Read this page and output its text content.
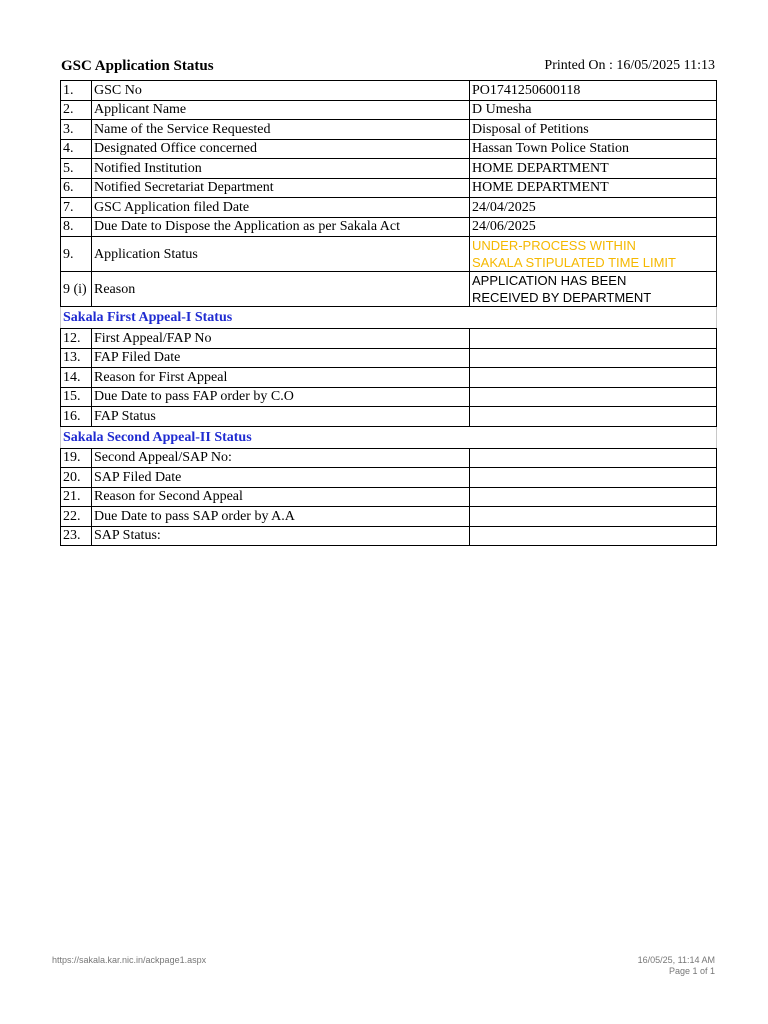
GSC Application Status	Printed On : 16/05/2025 11:13
1.	GSC No	PO1741250600118
2.	Applicant Name	D Umesha
3.	Name of the Service Requested	Disposal of Petitions
4.	Designated Office concerned	Hassan Town Police Station
5.	Notified Institution	HOME DEPARTMENT
6.	Notified Secretariat Department	HOME DEPARTMENT
7.	GSC Application filed Date	24/04/2025
8.	Due Date to Dispose the Application as per Sakala Act	24/06/2025
9.	Application Status	UNDER-PROCESS WITHIN
SAKALA STIPULATED TIME LIMIT

9 (i)	Reason	APPLICATION HAS BEEN
RECEIVED BY DEPARTMENT

Sakala First Appeal-I Status		
12.	First Appeal/FAP No	
13.	FAP Filed Date	
14.	Reason for First Appeal	
15.	Due Date to pass FAP order by C.O	
16.	FAP Status	
Sakala Second Appeal-II Status		
19.	Second Appeal/SAP No:	
20.	SAP Filed Date	
21.	Reason for Second Appeal	
22.	Due Date to pass SAP order by A.A	
23.	SAP Status:	
https://sakala.kar.nic.in/ackpage1.aspx	16/05/25, 11:14 AM
Page 1 of 1
